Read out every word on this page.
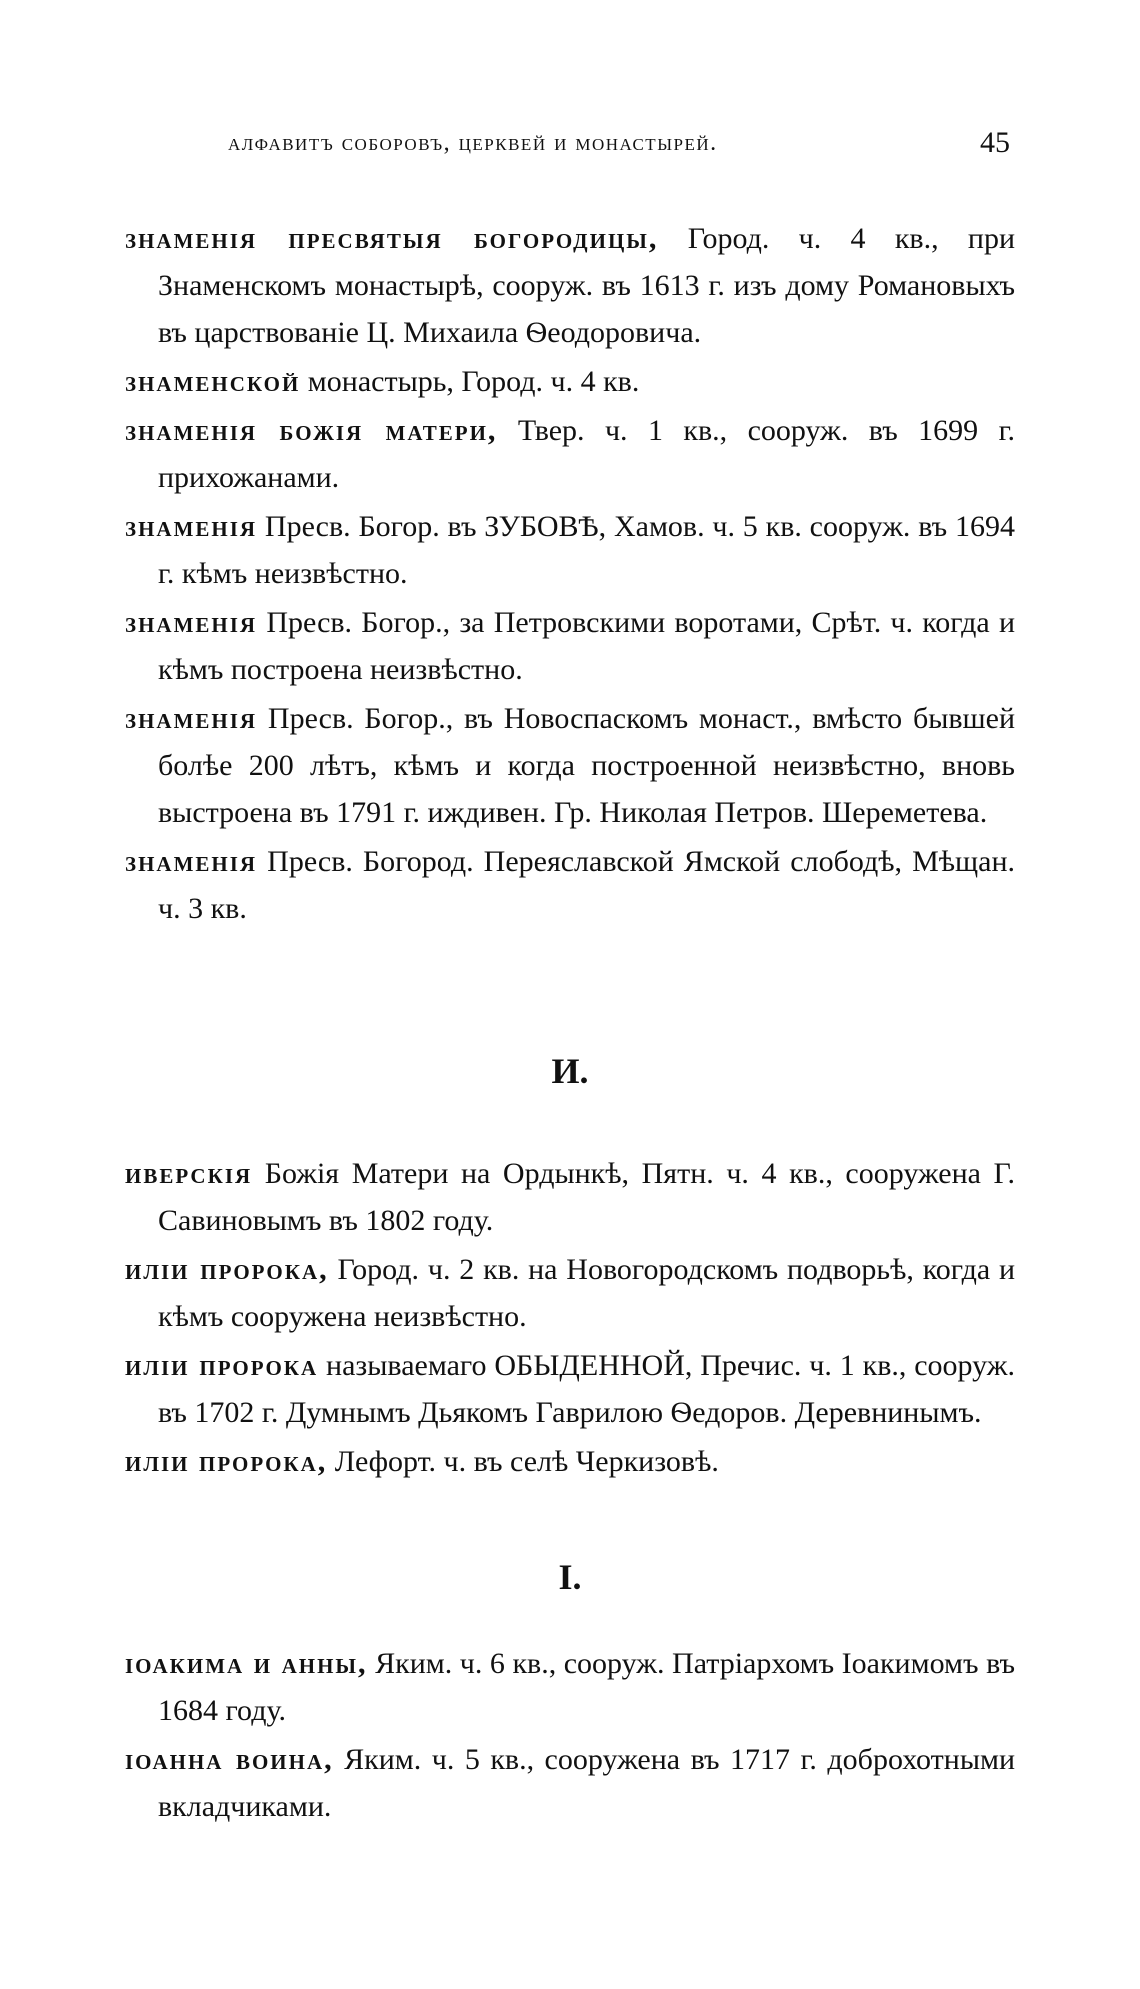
алфавитъ соборовъ, церквей и монастырей.	45

знаменія пресвятыя богородицы, Город. ч. 4 кв., при Знаменскомъ монастырѣ, сооруж. въ 1613 г. изъ дому Романовыхъ въ царствованіе Ц. Михаила Ѳеодоровича.

знаменской монастырь, Город. ч. 4 кв.

знаменія божія матери, Твер. ч. 1 кв., сооруж. въ 1699 г. прихожанами.

знаменія Пресв. Богор. въ ЗУБОВѢ, Хамов. ч. 5 кв. сооруж. въ 1694 г. кѣмъ неизвѣстно.

знаменія Пресв. Богор., за Петровскими воротами, Срѣт. ч. когда и кѣмъ построена неизвѣстно.

знаменія Пресв. Богор., въ Новоспаскомъ монаст., вмѣсто бывшей болѣе 200 лѣтъ, кѣмъ и когда построенной неизвѣстно, вновь выстроена въ 1791 г. иждивен. Гр. Николая Петров. Шереметева.

знаменія Пресв. Богород. Переяславской Ямской слободѣ, Мѣщан. ч. 3 кв.

И.

иверскія Божія Матери на Ордынкѣ, Пятн. ч. 4 кв., сооружена Г. Савиновымъ въ 1802 году.

иліи пророка, Город. ч. 2 кв. на Новогородскомъ подворьѣ, когда и кѣмъ сооружена неизвѣстно.

иліи пророка называемаго ОБЫДЕННОЙ, Пречис. ч. 1 кв., сооруж. въ 1702 г. Думнымъ Дьякомъ Гаврилою Ѳедоров. Деревнинымъ.

иліи пророка, Лефорт. ч. въ селѣ Черкизовѣ.

I.

іоакима и анны, Яким. ч. 6 кв., сооруж. Патріархомъ Іоакимомъ въ 1684 году.

іоанна воина, Яким. ч. 5 кв., сооружена въ 1717 г. доброхотными вкладчиками.
